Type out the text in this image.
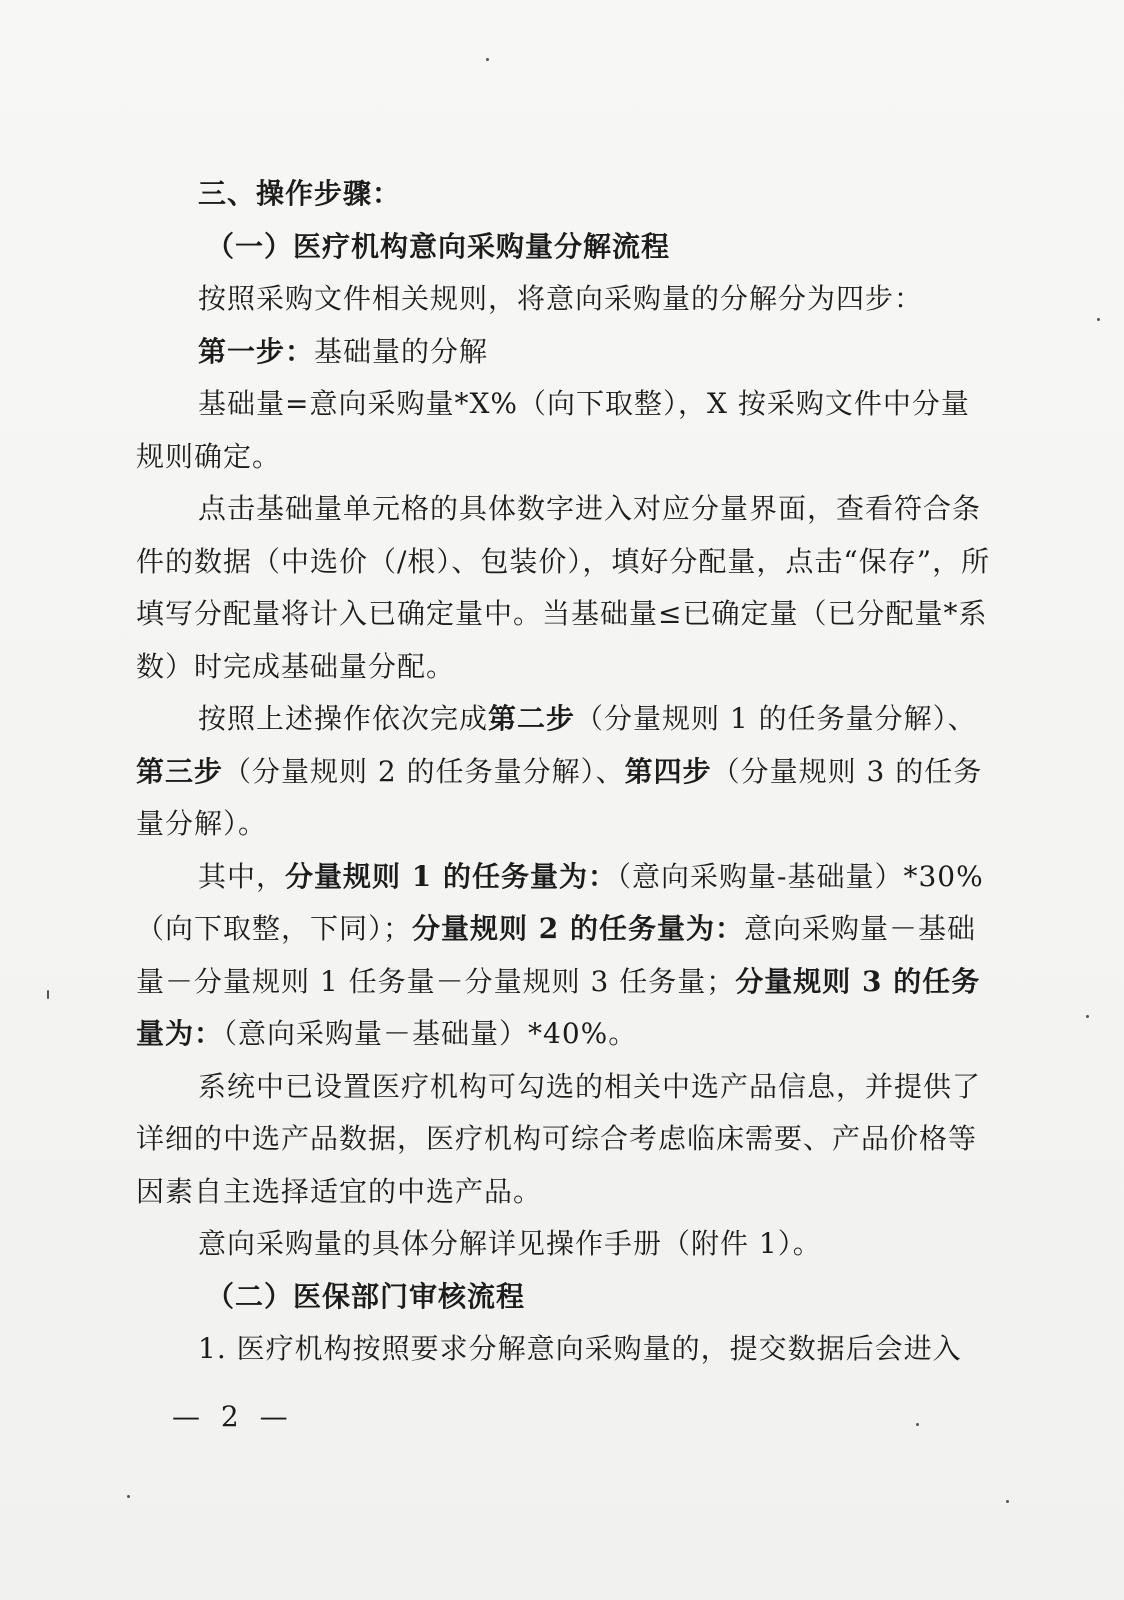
三、操作步骤：

（一）医疗机构意向采购量分解流程

按照采购文件相关规则，将意向采购量的分解分为四步：

第一步：基础量的分解

基础量=意向采购量*X%（向下取整），X 按采购文件中分量规则确定。

点击基础量单元格的具体数字进入对应分量界面，查看符合条件的数据（中选价（/根）、包装价），填好分配量，点击“保存”，所填写分配量将计入已确定量中。当基础量≤已确定量（已分配量*系数）时完成基础量分配。

按照上述操作依次完成第二步（分量规则 1 的任务量分解）、第三步（分量规则 2 的任务量分解）、第四步（分量规则 3 的任务量分解）。

其中，分量规则 1 的任务量为：（意向采购量-基础量）*30%（向下取整，下同）；分量规则 2 的任务量为：意向采购量－基础量－分量规则 1 任务量－分量规则 3 任务量；分量规则 3 的任务量为：（意向采购量－基础量）*40%。

系统中已设置医疗机构可勾选的相关中选产品信息，并提供了详细的中选产品数据，医疗机构可综合考虑临床需要、产品价格等因素自主选择适宜的中选产品。

意向采购量的具体分解详见操作手册（附件 1）。

（二）医保部门审核流程

1. 医疗机构按照要求分解意向采购量的，提交数据后会进入

— 2 —
